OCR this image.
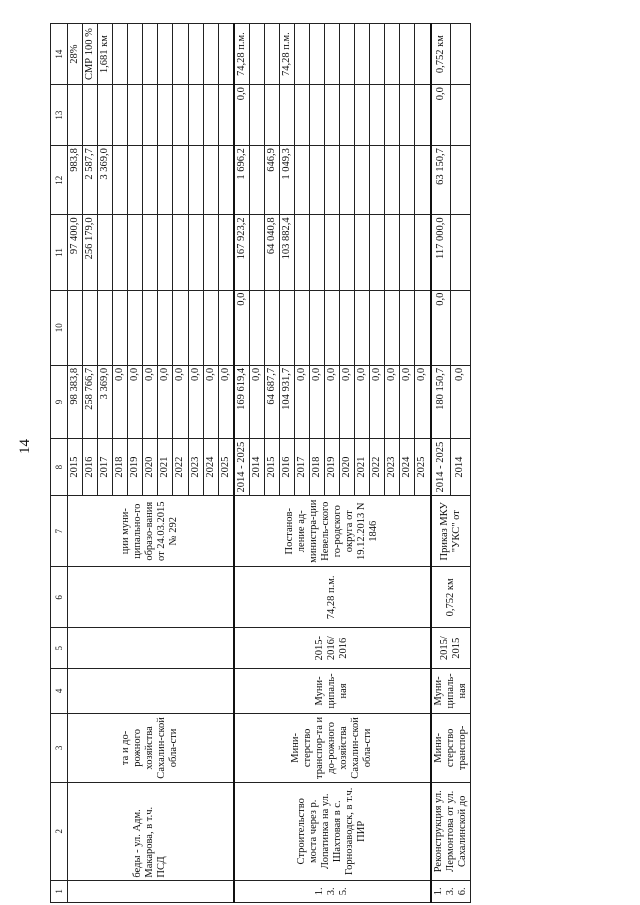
14
1	2	3	4	5	6	7	8	9	10	11	12	13	14
	беды - ул. Адм. Макарова, в т.ч. ПСД	та и до-рожного хозяйства Сахалин-ской обла-сти				ции муни-ципально-го образо-вания от 24.03.2015 № 292	2015	98 383,8		97 400,0	983,8		28%
							2016	258 766,7		256 179,0	2 587,7		СМР 100 %
							2017	3 369,0			3 369,0		1,681 км
							2018	0,0					
							2019	0,0					
							2020	0,0					
							2021	0,0					
							2022	0,0					
							2023	0,0					
							2024	0,0					
							2025	0,0					
1. 3. 5.	Строительство моста через р. Лопатинка на ул. Шахтовая в с. Горнозаводск, в т.ч. ПИР	Мини-стерство транспор-та и до-рожного хозяйства Сахалин-ской обла-сти	Муни-ципаль-ная	2015-2016/ 2016	74,28 п.м.	Постанов-ление ад-министра-ции Невель-ского го-родского округа от 19.12.2013 N 1846	2014 - 2025	169 619,4	0,0	167 923,2	1 696,2	0,0	74,28 п.м.
							2014	0,0					
							2015	64 687,7		64 040,8	646,9		
							2016	104 931,7		103 882,4	1 049,3		74,28 п.м.
							2017	0,0					
							2018	0,0					
							2019	0,0					
							2020	0,0					
							2021	0,0					
							2022	0,0					
							2023	0,0					
							2024	0,0					
							2025	0,0					
1. 3. 6.	Реконструкция ул. Лермонтова от ул. Сахалинской до	Мини-стерство транспор-	Муни-ципаль-ная	2015/ 2015	0,752 км	Приказ МКУ "УКС" от	2014 - 2025	180 150,7	0,0	117 000,0	63 150,7	0,0	0,752 км
							2014	0,0					
